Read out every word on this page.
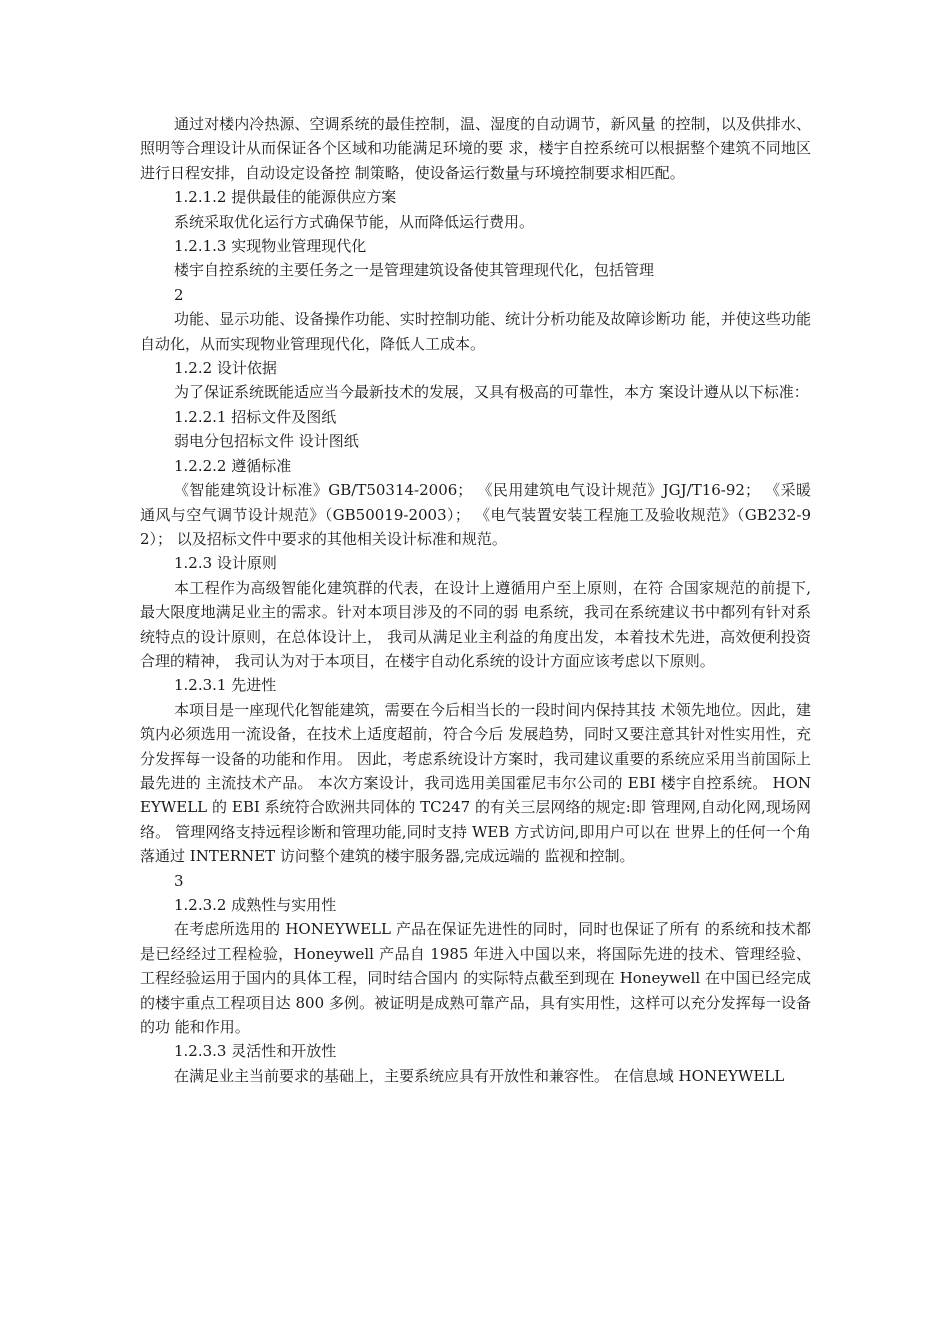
通过对楼内冷热源、空调系统的最佳控制，温、湿度的自动调节，新风量 的控制，以及供排水、照明等合理设计从而保证各个区域和功能满足环境的要 求，楼宇自控系统可以根据整个建筑不同地区进行日程安排，自动设定设备控 制策略，使设备运行数量与环境控制要求相匹配。

1.2.1.2 提供最佳的能源供应方案

系统采取优化运行方式确保节能，从而降低运行费用。

1.2.1.3 实现物业管理现代化

楼宇自控系统的主要任务之一是管理建筑设备使其管理现代化，包括管理

2

功能、显示功能、设备操作功能、实时控制功能、统计分析功能及故障诊断功 能，并使这些功能自动化，从而实现物业管理现代化，降低人工成本。

1.2.2 设计依据

为了保证系统既能适应当今最新技术的发展，又具有极高的可靠性，本方 案设计遵从以下标准：

1.2.2.1 招标文件及图纸

弱电分包招标文件 设计图纸

1.2.2.2 遵循标准

《智能建筑设计标准》GB/T50314-2006； 《民用建筑电气设计规范》JGJ/T16-92； 《采暖通风与空气调节设计规范》（GB50019-2003）； 《电气装置安装工程施工及验收规范》（GB232-92）； 以及招标文件中要求的其他相关设计标准和规范。

1.2.3 设计原则

本工程作为高级智能化建筑群的代表，在设计上遵循用户至上原则，在符 合国家规范的前提下,最大限度地满足业主的需求。针对本项目涉及的不同的弱 电系统，我司在系统建议书中都列有针对系统特点的设计原则，在总体设计上， 我司从满足业主利益的角度出发，本着技术先进，高效便利投资合理的精神， 我司认为对于本项目，在楼宇自动化系统的设计方面应该考虑以下原则。

1.2.3.1 先进性

本项目是一座现代化智能建筑，需要在今后相当长的一段时间内保持其技 术领先地位。因此，建筑内必须选用一流设备，在技术上适度超前，符合今后 发展趋势，同时又要注意其针对性实用性，充分发挥每一设备的功能和作用。 因此，考虑系统设计方案时，我司建议重要的系统应采用当前国际上最先进的 主流技术产品。 本次方案设计，我司选用美国霍尼韦尔公司的 EBI 楼宇自控系统。 HONEYWELL 的 EBI 系统符合欧洲共同体的 TC247 的有关三层网络的规定:即 管理网,自动化网,现场网络。 管理网络支持远程诊断和管理功能,同时支持 WEB 方式访问,即用户可以在 世界上的任何一个角落通过 INTERNET 访问整个建筑的楼宇服务器,完成远端的 监视和控制。

3

1.2.3.2 成熟性与实用性

在考虑所选用的 HONEYWELL 产品在保证先进性的同时，同时也保证了所有 的系统和技术都是已经经过工程检验，Honeywell 产品自 1985 年进入中国以来，将国际先进的技术、管理经验、工程经验运用于国内的具体工程，同时结合国内 的实际特点截至到现在 Honeywell 在中国已经完成的楼宇重点工程项目达 800 多例。被证明是成熟可靠产品，具有实用性，这样可以充分发挥每一设备的功 能和作用。

1.2.3.3 灵活性和开放性

在满足业主当前要求的基础上，主要系统应具有开放性和兼容性。 在信息域 HONEYWELL
